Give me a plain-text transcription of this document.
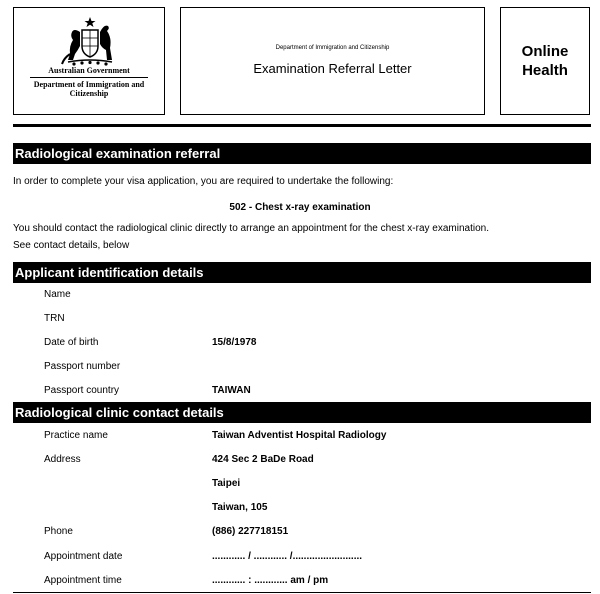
Australian Government
Department of Immigration and Citizenship
Department of Immigration and Citizenship
Examination Referral Letter
Online
Health
Radiological examination referral
In order to complete your visa application, you are required to undertake the following:
502 - Chest x-ray examination
You should contact the radiological clinic directly to arrange an appointment for the chest x-ray examination.
See contact details, below
Applicant identification details
Name
TRN
Date of birth	15/8/1978
Passport number
Passport country	TAIWAN
Radiological clinic contact details
Practice name	Taiwan Adventist Hospital Radiology
Address	424 Sec 2 BaDe Road
Taipei
Taiwan, 105
Phone	(886) 227718151
Appointment date	............ / ............ /.........................
Appointment time	............ : ............ am / pm
